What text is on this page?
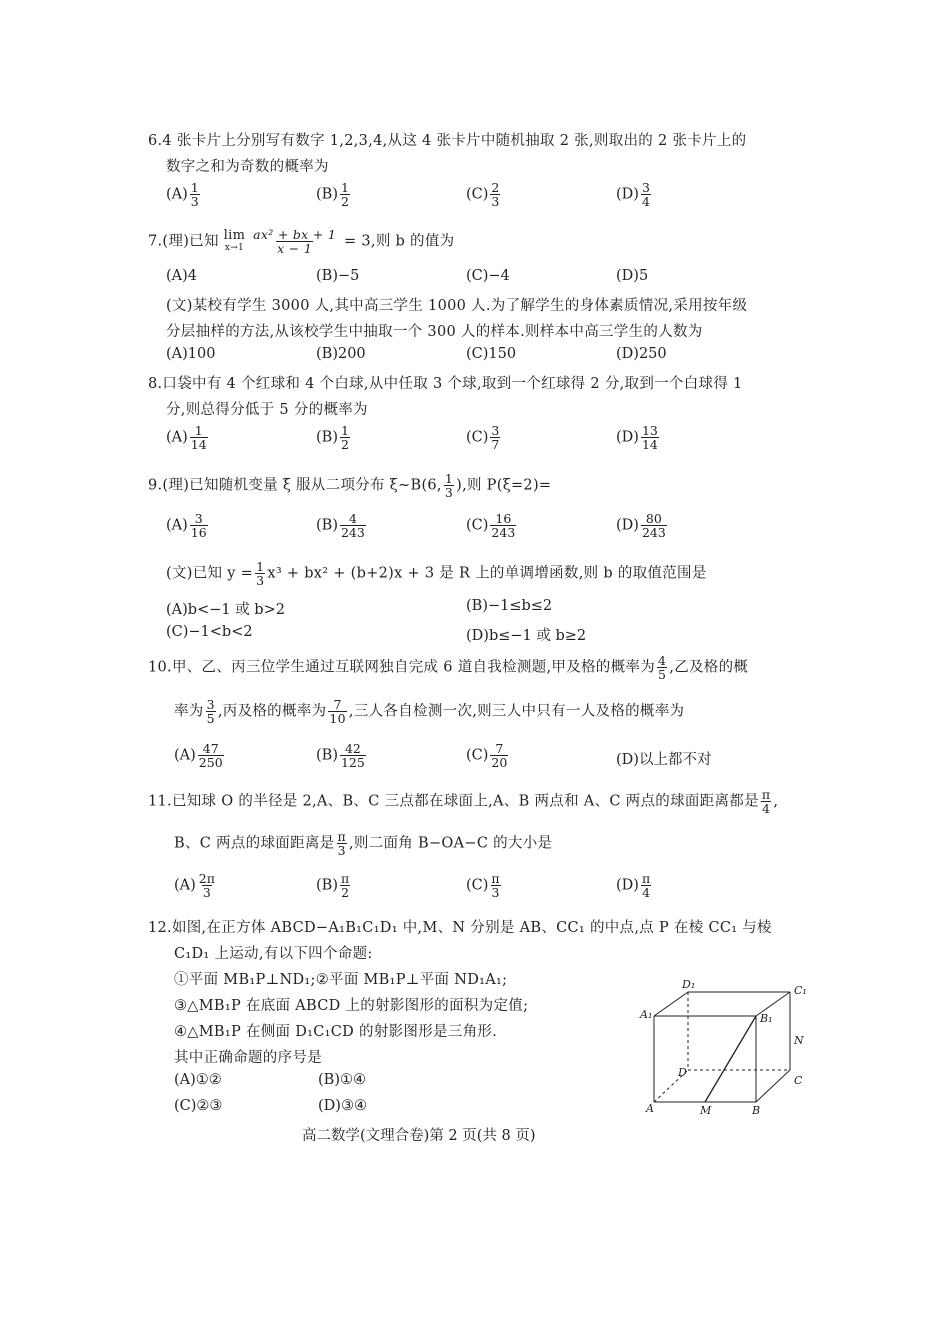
6.4 张卡片上分别写有数字 1,2,3,4,从这 4 张卡片中随机抽取 2 张,则取出的 2 张卡片上的
数字之和为奇数的概率为
$(A) \frac{1}{3}$	$(B) \frac{1}{2}$	$(C) \frac{2}{3}$	$(D) \frac{3}{4}$
7.(理)已知 lim
x→1
$\frac{\text{ax² + bx + 1}}{x - 1} = 3$,则 b 的值为
(A)4	(B)−5	(C)−4	(D)5
(文)某校有学生 3000 人,其中高三学生 1000 人.为了解学生的身体素质情况,采用按年级
分层抽样的方法,从该校学生中抽取一个 300 人的样本.则样本中高三学生的人数为
(A)100	(B)200	(C)150	(D)250
8.口袋中有 4 个红球和 4 个白球,从中任取 3 个球,取到一个红球得 2 分,取到一个白球得 1
分,则总得分低于 5 分的概率为
$(A) \frac{1}{14}$	$(B) \frac{1}{2}$	$(C) \frac{3}{7}$	$(D) \frac{13}{14}$
9.(理)已知随机变量 ξ 服从二项分布 ξ∼B(6, $\frac{1}{3}$ ),则 P(ξ=2)=
$(A) \frac{3}{16}$	$(B) \frac{4}{243}$	$(C) \frac{16}{243}$	$(D) \frac{80}{243}$
(文)已知 $y = \frac{1}{3} x^3 + bx^2 + (b+2)x + 3$ 是 R 上的单调增函数,则 b 的取值范围是
(A)b<−1 或 b>2	(B)−1≤b≤2
(C)−1<b<2	(D)b≤−1 或 b≥2
10.甲、乙、丙三位学生通过互联网独自完成 6 道自我检测题,甲及格的概率为 $\frac{4}{5}$ ,乙及格的概
率为 $\frac{3}{5}$ ,丙及格的概率为 $\frac{7}{10}$ ,三人各自检测一次,则三人中只有一人及格的概率为
$(A) \frac{47}{250}$	$(B) \frac{42}{125}$	$(C) \frac{7}{20}$	(D)以上都不对
11.已知球 O 的半径是 2,A、B、C 三点都在球面上,A、B 两点和 A、C 两点的球面距离都是 $\frac{\pi}{4}$ ,
B、C 两点的球面距离是 $\frac{\pi}{3}$ ,则二面角 B−OA−C 的大小是
$(A) \frac{2\pi}{3}$	$(B) \frac{\pi}{2}$	$(C) \frac{\pi}{3}$	$(D) \frac{\pi}{4}$
12.如图,在正方体 ABCD−A₁B₁C₁D₁ 中,M、N 分别是 AB、CC₁ 的中点,点 P 在棱 CC₁ 与棱
C₁D₁ 上运动,有以下四个命题:
①平面 MB₁P⊥ND₁;②平面 MB₁P⊥平面 ND₁A₁;
③△MB₁P 在底面 ABCD 上的射影图形的面积为定值;
④△MB₁P 在侧面 D₁C₁CD 的射影图形是三角形.
其中正确命题的序号是
(A)①②	(B)①④
(C)②③	(D)③④
D₁	C₁
A₁	B₁
N
D
C
A	M	B
高二数学(文理合卷)第 2 页(共 8 页)
